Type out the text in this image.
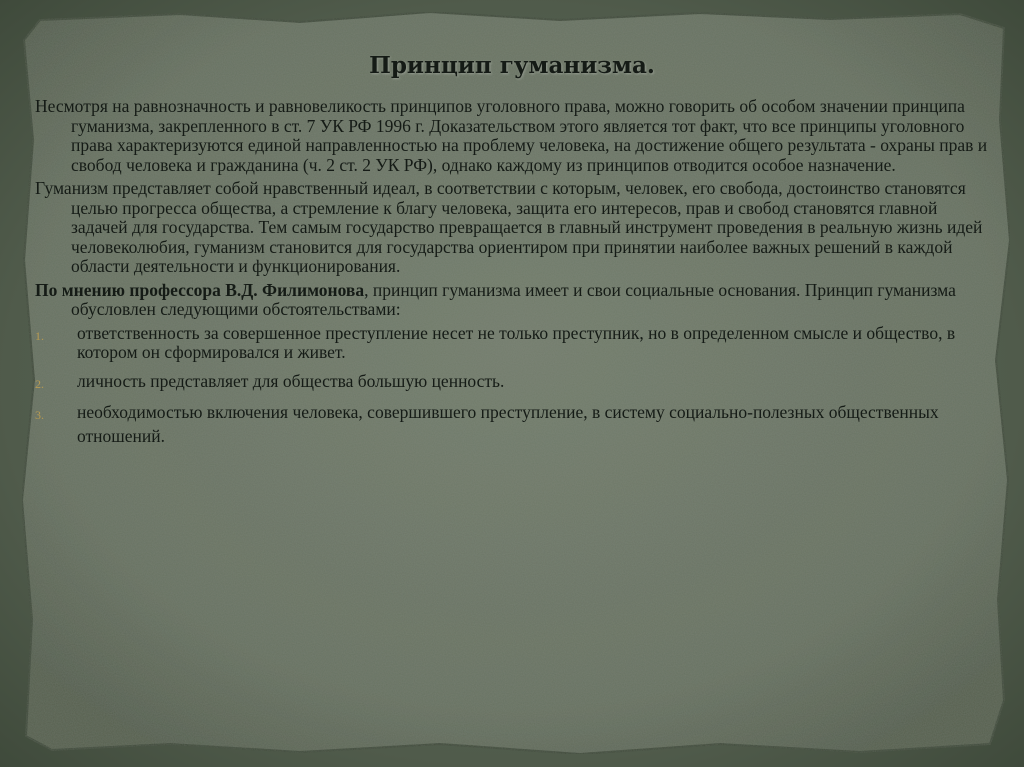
Принцип гуманизма.

Несмотря на равнозначность и равновеликость принципов уголовного права, можно говорить об особом значении принципа гуманизма, закрепленного в ст. 7 УК РФ 1996 г. Доказательством этого является тот факт, что все принципы уголовного права характеризуются единой направленностью на проблему человека, на достижение общего результата - охраны прав и свобод человека и гражданина (ч. 2 ст. 2 УК РФ), однако каждому из принципов отводится особое назначение.

Гуманизм представляет собой нравственный идеал, в соответствии с которым, человек, его свобода, достоинство становятся целью прогресса общества, а стремление к благу человека, защита его интересов, прав и свобод становятся главной задачей для государства. Тем самым государство превращается в главный инструмент проведения в реальную жизнь идей человеколюбия, гуманизм становится для государства ориентиром при принятии наиболее важных решений в каждой области деятельности и функционирования.

По мнению профессора В.Д. Филимонова, принцип гуманизма имеет и свои социальные основания. Принцип гуманизма обусловлен следующими обстоятельствами:

1. ответственность за совершенное преступление несет не только преступник, но в определенном смысле и общество, в котором он сформировался и живет.
2. личность представляет для общества большую ценность.
3. необходимостью включения человека, совершившего преступление, в систему социально-полезных общественных отношений.
